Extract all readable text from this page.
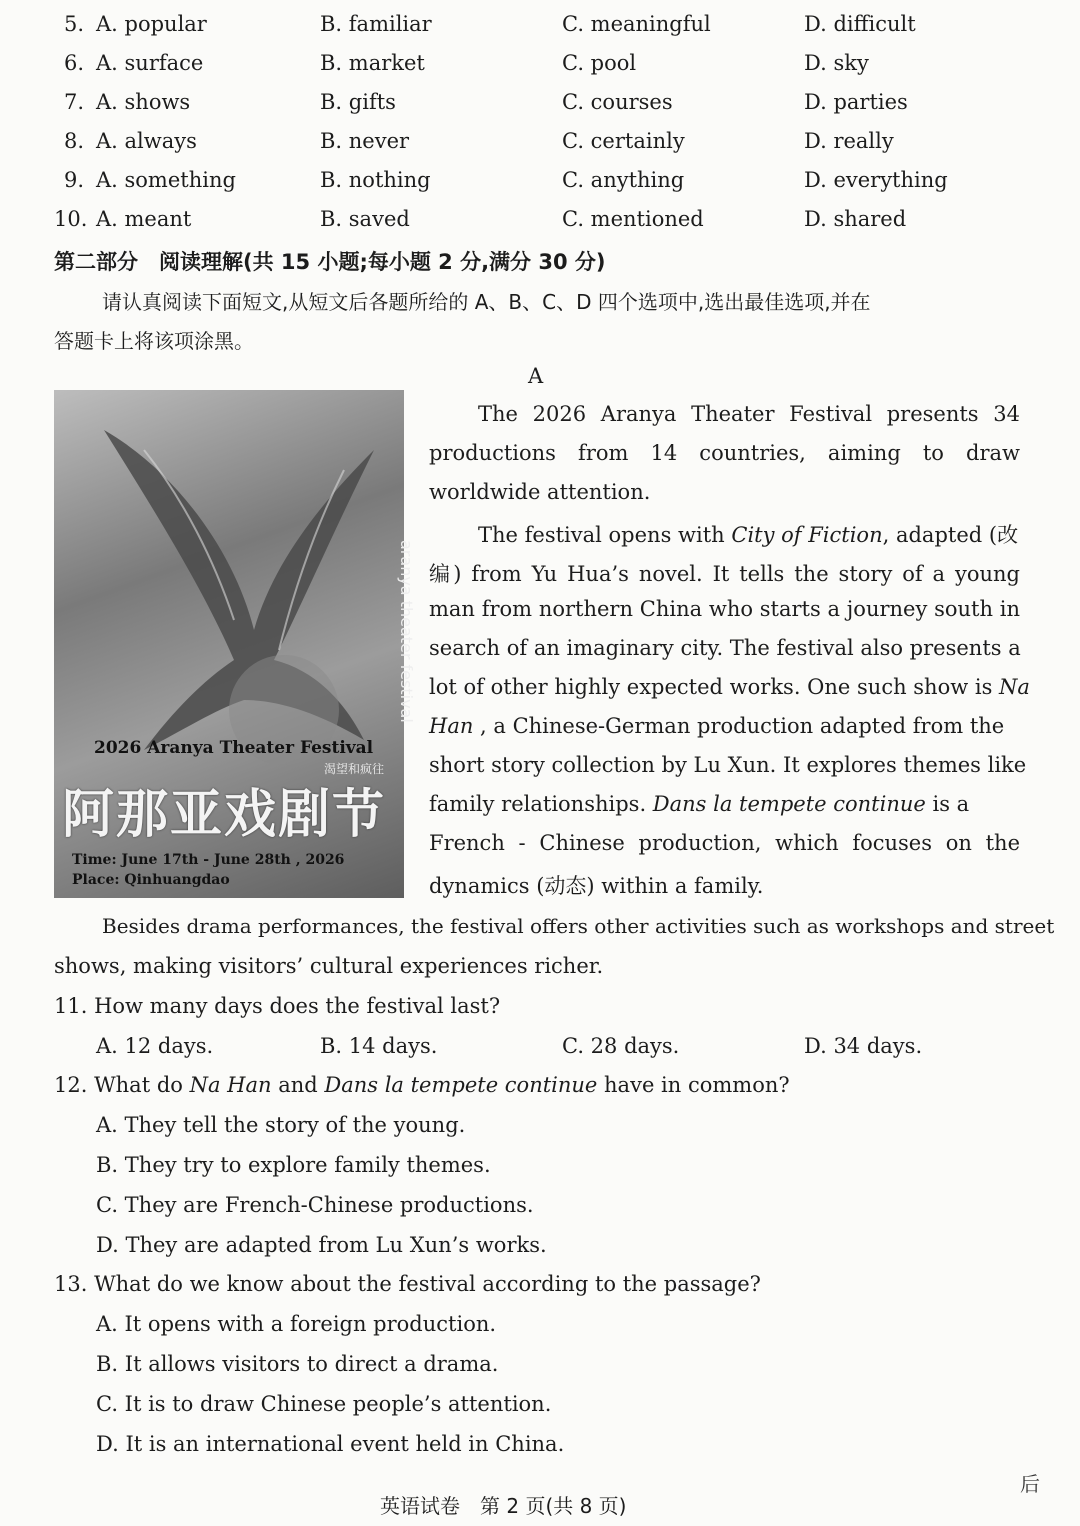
5. A. popular	B. familiar	C. meaningful	D. difficult
6. A. surface	B. market	C. pool	D. sky
7. A. shows	B. gifts	C. courses	D. parties
8. A. always	B. never	C. certainly	D. really
9. A. something	B. nothing	C. anything	D. everything
10. A. meant	B. saved	C. mentioned	D. shared
第二部分　阅读理解(共 15 小题;每小题 2 分,满分 30 分)
请认真阅读下面短文,从短文后各题所给的 A、B、C、D 四个选项中,选出最佳选项,并在
答题卡上将该项涂黑。
A
aranya theater festival
2026 Aranya Theater Festival
渴望和疯往
阿那亚戏剧节
Time: June 17th - June 28th , 2026
Place: Qinhuangdao
The 2026 Aranya Theater Festival presents 34
productions from 14 countries, aiming to draw
worldwide attention.
The festival opens with City of Fiction, adapted (改
编) from Yu Hua’s novel. It tells the story of a young
man from northern China who starts a journey south in
search of an imaginary city. The festival also presents a
lot of other highly expected works. One such show is Na
Han , a Chinese-German production adapted from the
short story collection by Lu Xun. It explores themes like
family relationships. Dans la tempete continue is a
French - Chinese production, which focuses on the
dynamics (动态) within a family.
Besides drama performances, the festival offers other activities such as workshops and street
shows, making visitors’ cultural experiences richer.
11. How many days does the festival last?
A. 12 days.	B. 14 days.	C. 28 days.	D. 34 days.
12. What do Na Han and Dans la tempete continue have in common?
A. They tell the story of the young.
B. They try to explore family themes.
C. They are French-Chinese productions.
D. They are adapted from Lu Xun’s works.
13. What do we know about the festival according to the passage?
A. It opens with a foreign production.
B. It allows visitors to direct a drama.
C. It is to draw Chinese people’s attention.
D. It is an international event held in China.
英语试卷　第 2 页(共 8 页)
后
